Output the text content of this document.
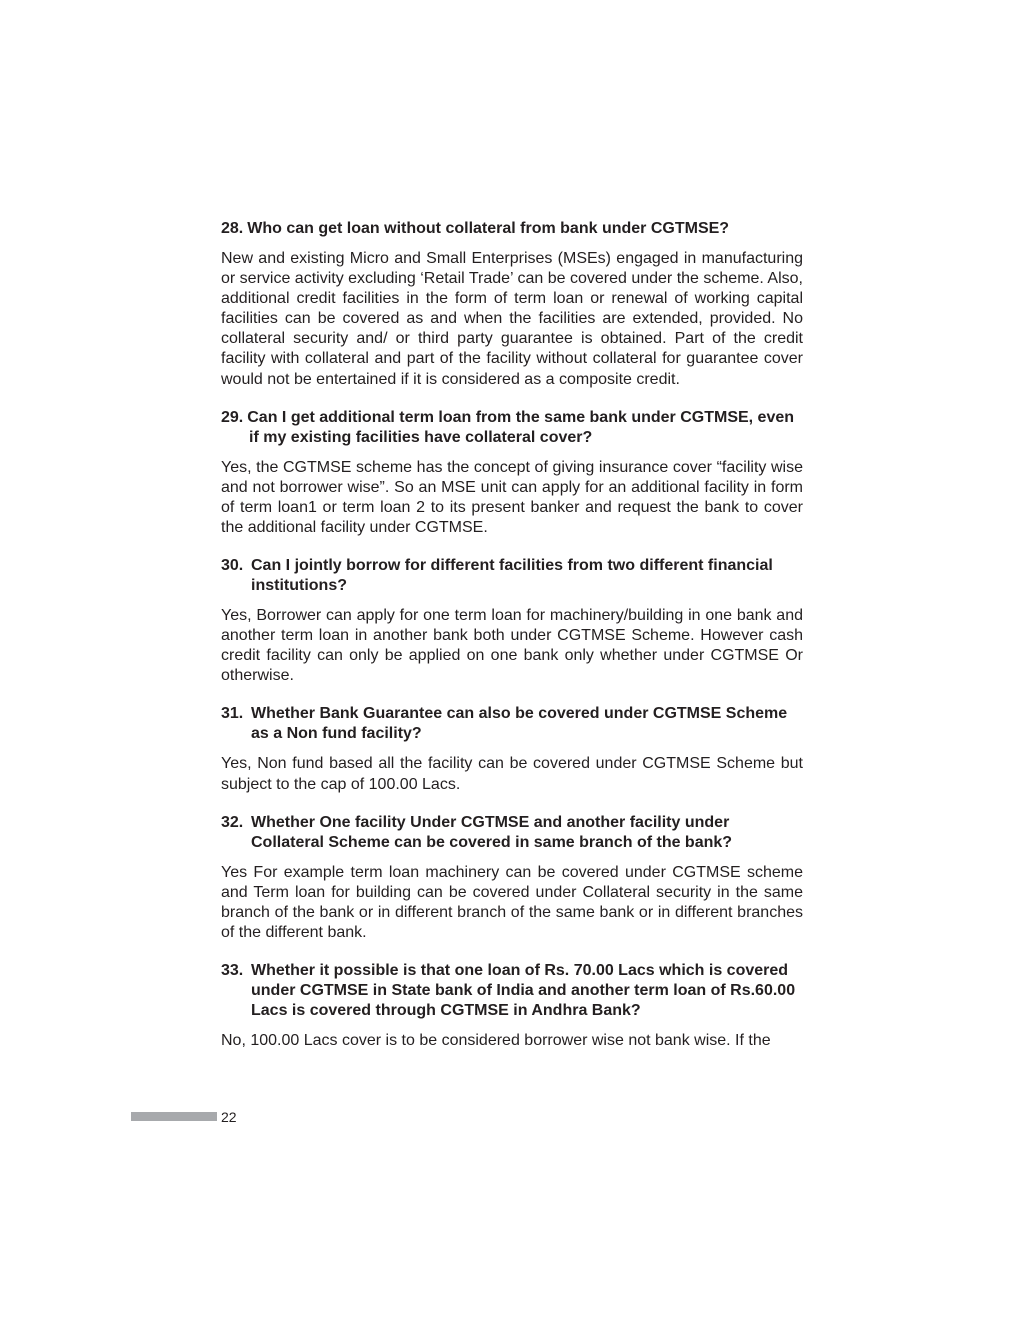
28. Who can get loan without collateral from bank under CGTMSE?

New and existing Micro and Small Enterprises (MSEs) engaged in manufacturing or service activity excluding ‘Retail Trade’ can be covered under the scheme. Also, additional credit facilities in the form of term loan or renewal of working capital facilities can be covered as and when the facilities are extended, provided. No collateral security and/ or third party guarantee is obtained. Part of the credit facility with collateral and part of the facility without collateral for guarantee cover would not be entertained if it is considered as a composite credit.

29. Can I get additional term loan from the same bank under CGTMSE, even if my existing facilities have collateral cover?

Yes, the CGTMSE scheme has the concept of giving insurance cover “facility wise and not borrower wise”. So an MSE unit can apply for an additional facility in form of term loan1 or term loan 2 to its present banker and request the bank to cover the additional facility under CGTMSE.

30. Can I jointly borrow for different facilities from two different financial institutions?

Yes, Borrower can apply for one term loan for machinery/building in one bank and another term loan in another bank both under CGTMSE Scheme. However cash credit facility can only be applied on one bank only whether under CGTMSE Or otherwise.

31. Whether Bank Guarantee can also be covered under CGTMSE Scheme as a Non fund facility?

Yes, Non fund based all the facility can be covered under CGTMSE Scheme but subject to the cap of 100.00 Lacs.

32. Whether One facility Under CGTMSE and another facility under Collateral Scheme can be covered in same branch of the bank?

Yes For example term loan machinery can be covered under CGTMSE scheme and Term loan for building can be covered under Collateral security in the same branch of the bank or in different branch of the same bank or in different branches of the different bank.

33. Whether it possible is that one loan of Rs. 70.00 Lacs which is covered under CGTMSE in State bank of India and another term loan of Rs.60.00 Lacs is covered through CGTMSE in Andhra Bank?

No, 100.00 Lacs cover is to be considered borrower wise not bank wise. If the

22
